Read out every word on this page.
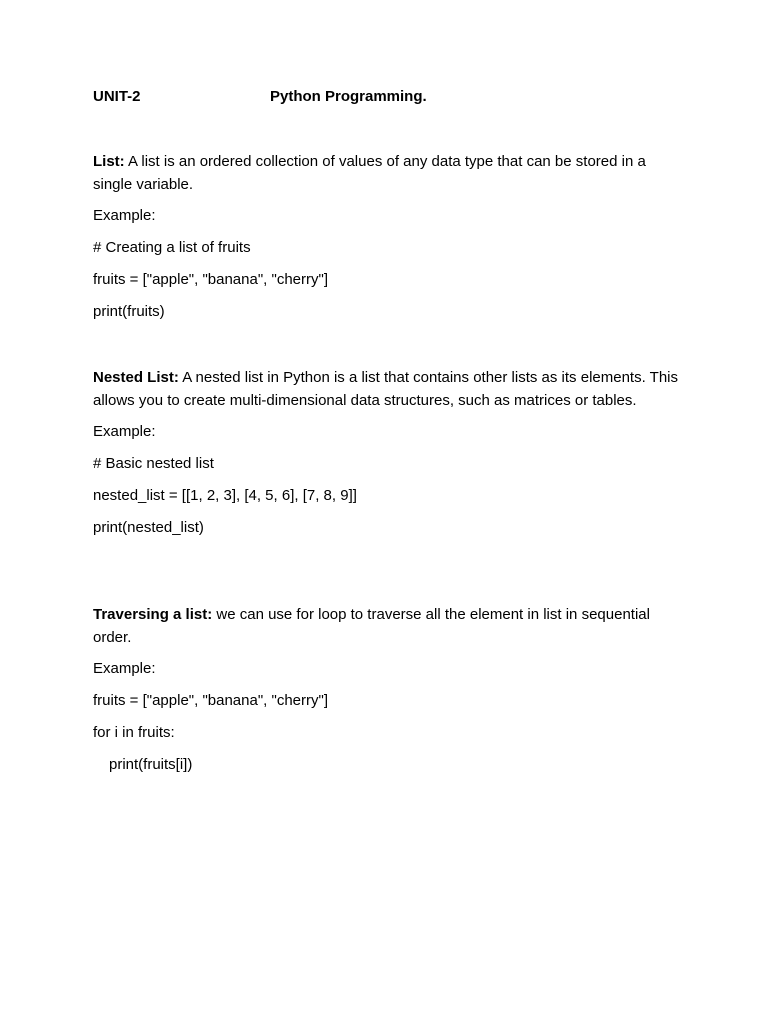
UNIT-2	Python Programming.

List: A list is an ordered collection of values of any data type that can be stored in a single variable.

Example:

# Creating a list of fruits

fruits = ["apple", "banana", "cherry"]

print(fruits)

Nested List: A nested list in Python is a list that contains other lists as its elements. This allows you to create multi-dimensional data structures, such as matrices or tables.

Example:

# Basic nested list

nested_list = [[1, 2, 3], [4, 5, 6], [7, 8, 9]]

print(nested_list)

Traversing a list: we can use for loop to traverse all the element in list in sequential order.

Example:

fruits = ["apple", "banana", "cherry"]

for i in fruits:

print(fruits[i])
